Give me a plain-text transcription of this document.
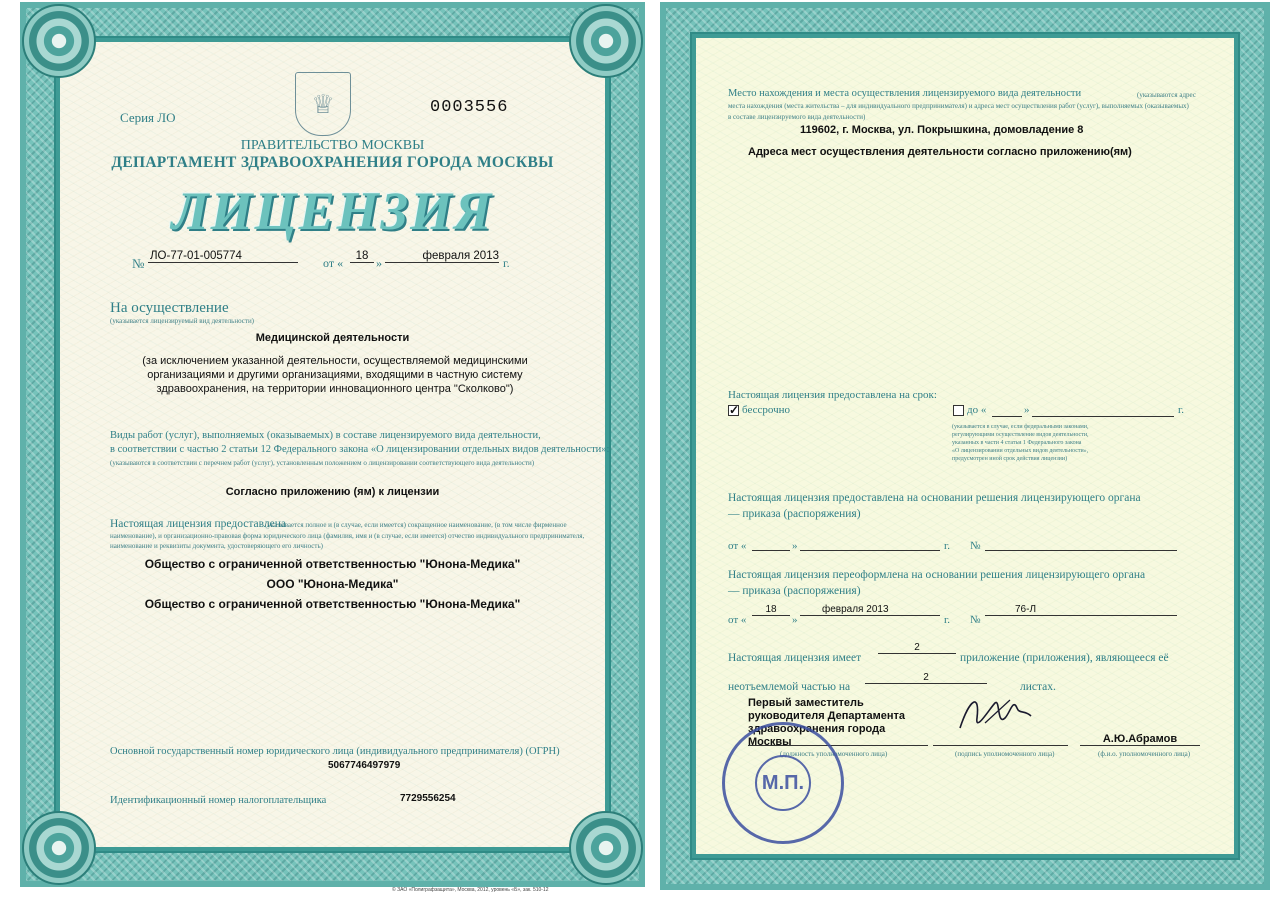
Серия ЛО
0003556
♕
ПРАВИТЕЛЬСТВО МОСКВЫ
ДЕПАРТАМЕНТ ЗДРАВООХРАНЕНИЯ ГОРОДА МОСКВЫ
ЛИЦЕНЗИЯ
№ ЛО-77-01-005774	от «	18 »	февраля 2013 г.
На осуществление
(указывается лицензируемый вид деятельности)
Медицинской деятельности
(за исключением указанной деятельности, осуществляемой медицинскими организациями и другими организациями, входящими в частную систему здравоохранения, на территории инновационного центра "Сколково")
Виды работ (услуг), выполняемых (оказываемых) в составе лицензируемого вида деятельности,
в соответствии с частью 2 статьи 12 Федерального закона «О лицензировании отдельных видов деятельности»:
(указываются в соответствии с перечнем работ (услуг), установленным положением о лицензировании соответствующего вида деятельности)
Согласно приложению (ям) к лицензии
Настоящая лицензия предоставлена
(указывается полное и (в случае, если имеется) сокращенное наименование, (в том числе фирменное
наименование), и организационно-правовая форма юридического лица (фамилия, имя и (в случае, если имеется) отчество индивидуального предпринимателя,
наименование и реквизиты документа, удостоверяющего его личность)
Общество с ограниченной ответственностью "Юнона-Медика"
ООО "Юнона-Медика"
Общество с ограниченной ответственностью "Юнона-Медика"
Основной государственный номер юридического лица (индивидуального предпринимателя) (ОГРН)
5067746497979
Идентификационный номер налогоплательщика	7729556254
© ЗАО «Полиграфзащита», Москва, 2012, уровень «Б», зак. 510-12
Место нахождения и места осуществления лицензируемого вида деятельности	(указываются адрес
места нахождения (места жительства – для индивидуального предпринимателя) и адреса мест осуществления работ (услуг), выполняемых (оказываемых)
в составе лицензируемого вида деятельности)
119602, г. Москва, ул. Покрышкина, домовладение 8
Адреса мест осуществления деятельности согласно приложению(ям)
Настоящая лицензия предоставлена на срок:
✓ бессрочно	до «	»	г.
(указывается в случае, если федеральными законами,
регулирующими осуществление видов деятельности,
указанных в части 4 статьи 1 Федерального закона
«О лицензировании отдельных видов деятельности»,
предусмотрен иной срок действия лицензии)
Настоящая лицензия предоставлена на основании решения лицензирующего органа
— приказа (распоряжения)
от «	»	г. №
Настоящая лицензия переоформлена на основании решения лицензирующего органа
— приказа (распоряжения)
от «
18
»
февраля 2013
г. №
76-Л
Настоящая лицензия имеет
2
приложение (приложения), являющееся её
неотъемлемой частью на
2
листах.
Первый заместитель руководителя Департамента здравоохранения города Москвы
(должность уполномоченного лица)	(подпись уполномоченного лица)
А.Ю.Абрамов
(ф.и.о. уполномоченного лица)
М.П.
